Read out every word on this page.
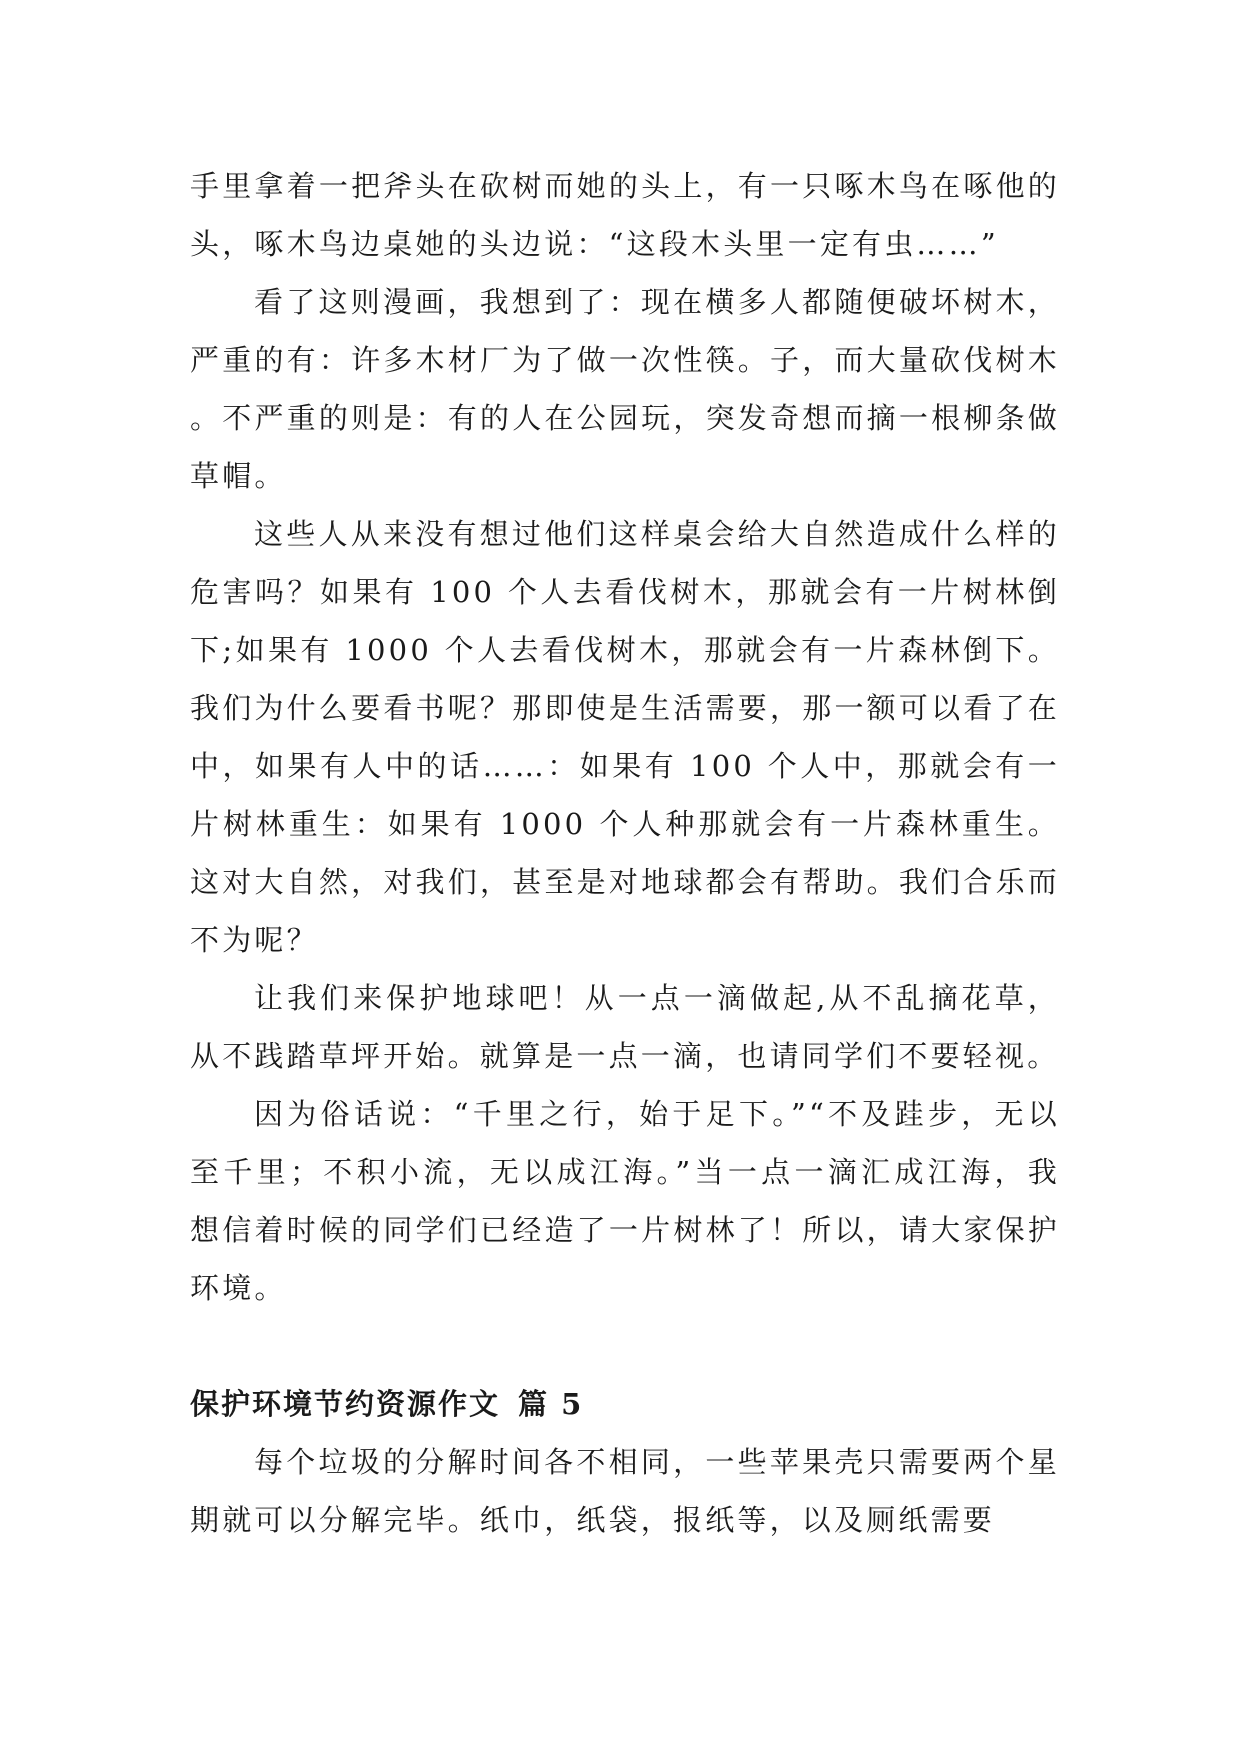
手里拿着一把斧头在砍树而她的头上，有一只啄木鸟在啄他的头，啄木鸟边桌她的头边说：“这段木头里一定有虫……”

看了这则漫画，我想到了：现在横多人都随便破坏树木，严重的有：许多木材厂为了做一次性筷。子，而大量砍伐树木。不严重的则是：有的人在公园玩，突发奇想而摘一根柳条做草帽。

这些人从来没有想过他们这样桌会给大自然造成什么样的危害吗？如果有 100 个人去看伐树木，那就会有一片树林倒下;如果有 1000 个人去看伐树木，那就会有一片森林倒下。我们为什么要看书呢？那即使是生活需要，那一额可以看了在中，如果有人中的话……：如果有 100 个人中，那就会有一片树林重生：如果有 1000 个人种那就会有一片森林重生。这对大自然，对我们，甚至是对地球都会有帮助。我们合乐而不为呢？

让我们来保护地球吧！从一点一滴做起,从不乱摘花草，从不践踏草坪开始。就算是一点一滴，也请同学们不要轻视。

因为俗话说：“千里之行，始于足下。”“不及跬步，无以至千里；不积小流，无以成江海。”当一点一滴汇成江海，我想信着时候的同学们已经造了一片树林了！所以，请大家保护环境。

保护环境节约资源作文 篇 5

每个垃圾的分解时间各不相同，一些苹果壳只需要两个星期就可以分解完毕。纸巾，纸袋，报纸等，以及厕纸需要
